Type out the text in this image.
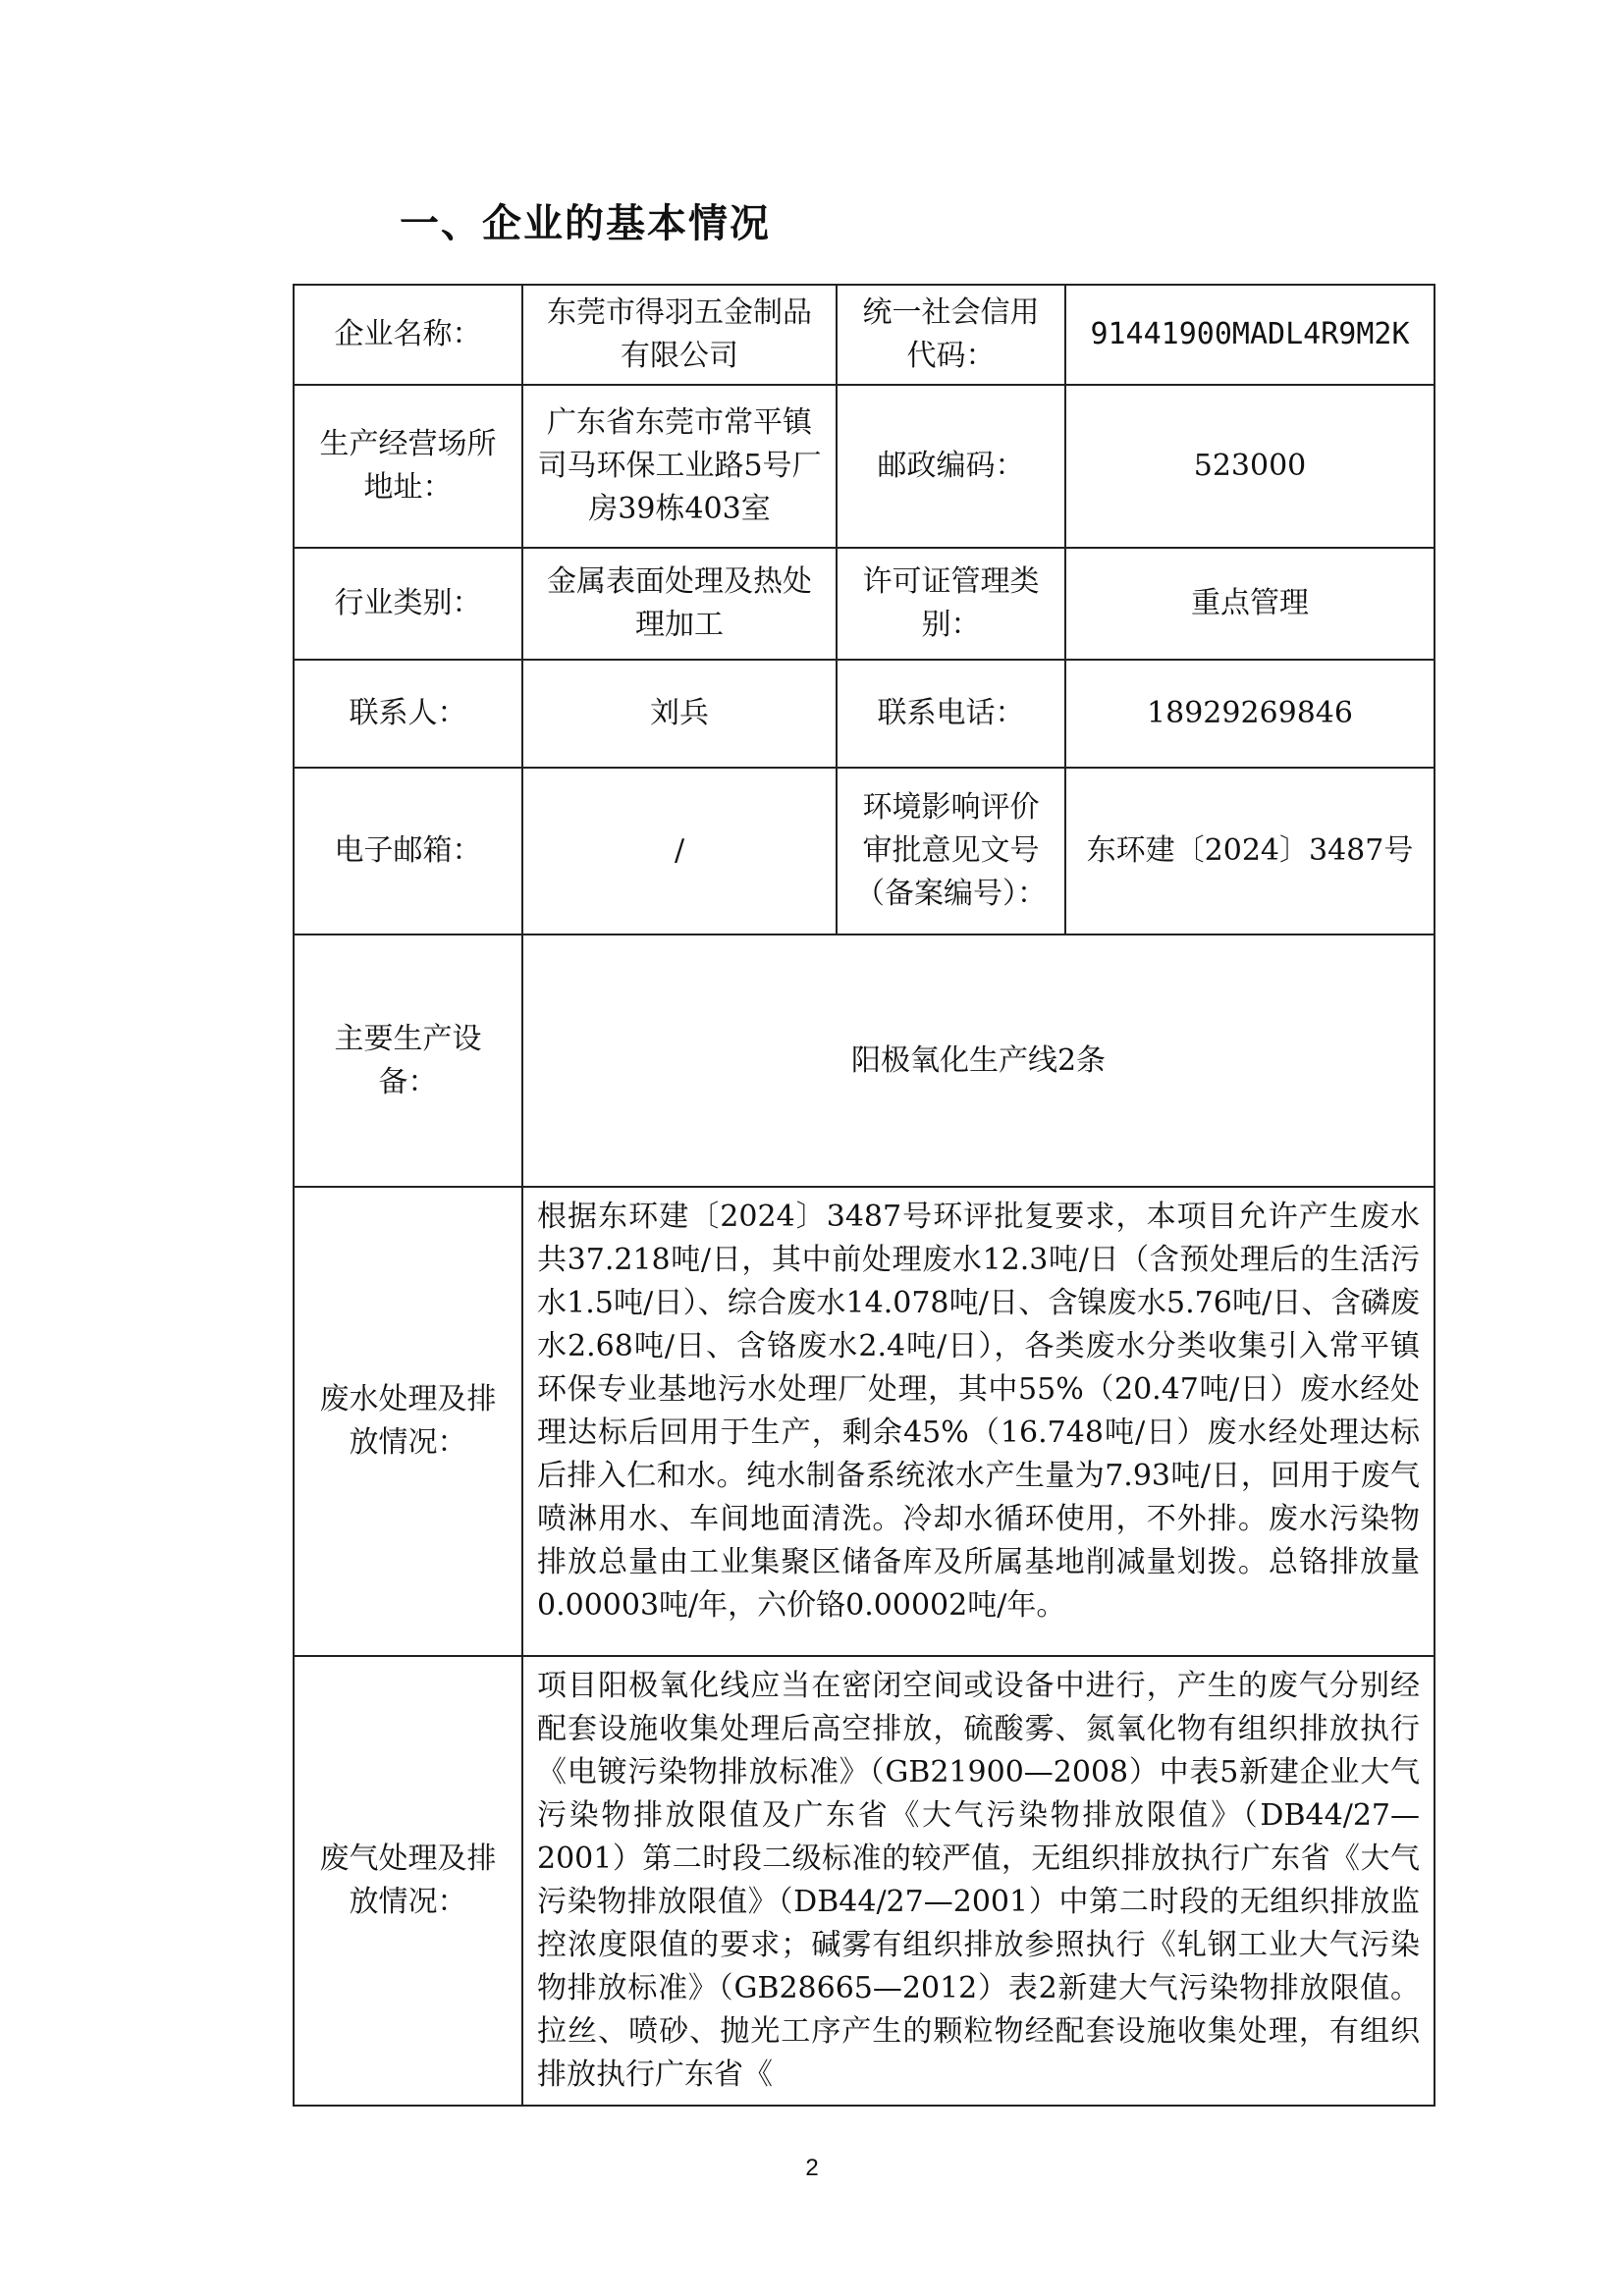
一、企业的基本情况
企业名称：	东莞市得羽五金制品有限公司	统一社会信用代码：	91441900MADL4R9M2K
生产经营场所地址：	广东省东莞市常平镇司马环保工业路5号厂房39栋403室	邮政编码：	523000
行业类别：	金属表面处理及热处理加工	许可证管理类别：	重点管理
联系人：	刘兵	联系电话：	18929269846
电子邮箱：	/	环境影响评价审批意见文号（备案编号）：	东环建〔2024〕3487号
主要生产设备：	阳极氧化生产线2条		
废水处理及排放情况：	根据东环建〔2024〕3487号环评批复要求，本项目允许产生废水共37.218吨/日，其中前处理废水12.3吨/日（含预处理后的生活污水1.5吨/日）、综合废水14.078吨/日、含镍废水5.76吨/日、含磷废水2.68吨/日、含铬废水2.4吨/日），各类废水分类收集引入常平镇环保专业基地污水处理厂处理，其中55%（20.47吨/日）废水经处理达标后回用于生产，剩余45%（16.748吨/日）废水经处理达标后排入仁和水。纯水制备系统浓水产生量为7.93吨/日，回用于废气喷淋用水、车间地面清洗。冷却水循环使用，不外排。废水污染物排放总量由工业集聚区储备库及所属基地削减量划拨。总铬排放量0.00003吨/年，六价铬0.00002吨/年。		
废气处理及排放情况：	项目阳极氧化线应当在密闭空间或设备中进行，产生的废气分别经配套设施收集处理后高空排放，硫酸雾、氮氧化物有组织排放执行《电镀污染物排放标准》（GB21900—2008）中表5新建企业大气污染物排放限值及广东省《大气污染物排放限值》（DB44/27—2001）第二时段二级标准的较严值，无组织排放执行广东省《大气污染物排放限值》（DB44/27—2001）中第二时段的无组织排放监控浓度限值的要求；碱雾有组织排放参照执行《轧钢工业大气污染物排放标准》（GB28665—2012）表2新建大气污染物排放限值。拉丝、喷砂、抛光工序产生的颗粒物经配套设施收集处理，有组织排放执行广东省《		
2
